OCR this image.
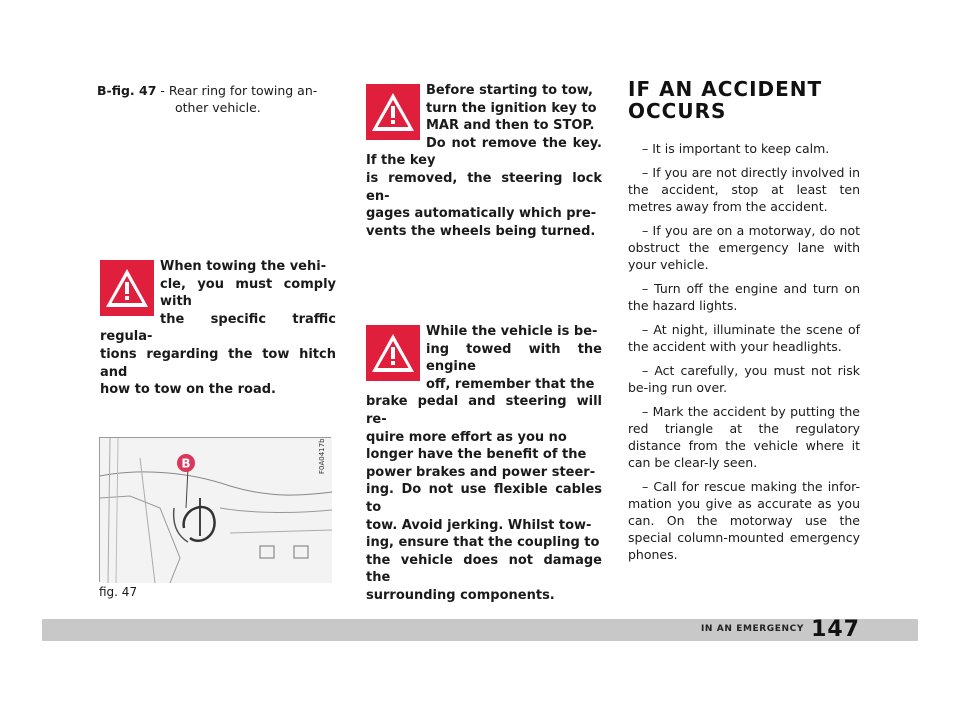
B-fig. 47 - Rear ring for towing an-
other vehicle.

When towing the vehi-

cle, you must comply with

the specific traffic regula-

tions regarding the tow hitch and

how to tow on the road.

B	F0A0417b
fig. 47

Before starting to tow,

turn the ignition key to

MAR and then to STOP.

Do not remove the key. If the key

is removed, the steering lock en-

gages automatically which pre-

vents the wheels being turned.

While the vehicle is be-

ing towed with the engine

off, remember that the

brake pedal and steering will re-

quire more effort as you no

longer have the benefit of the

power brakes and power steer-

ing. Do not use flexible cables to

tow. Avoid jerking. Whilst tow-

ing, ensure that the coupling to

the vehicle does not damage the

surrounding components.

IF AN ACCIDENT
OCCURS

– It is important to keep calm.

– If you are not directly involved in the accident, stop at least ten metres away from the accident.

– If you are on a motorway, do not obstruct the emergency lane with your vehicle.

– Turn off the engine and turn on the hazard lights.

– At night, illuminate the scene of the accident with your headlights.

– Act carefully, you must not risk be-ing run over.

– Mark the accident by putting the red triangle at the regulatory distance from the vehicle where it can be clear-ly seen.

– Call for rescue making the infor-mation you give as accurate as you can. On the motorway use the special column-mounted emergency phones.

IN AN EMERGENCY 147
